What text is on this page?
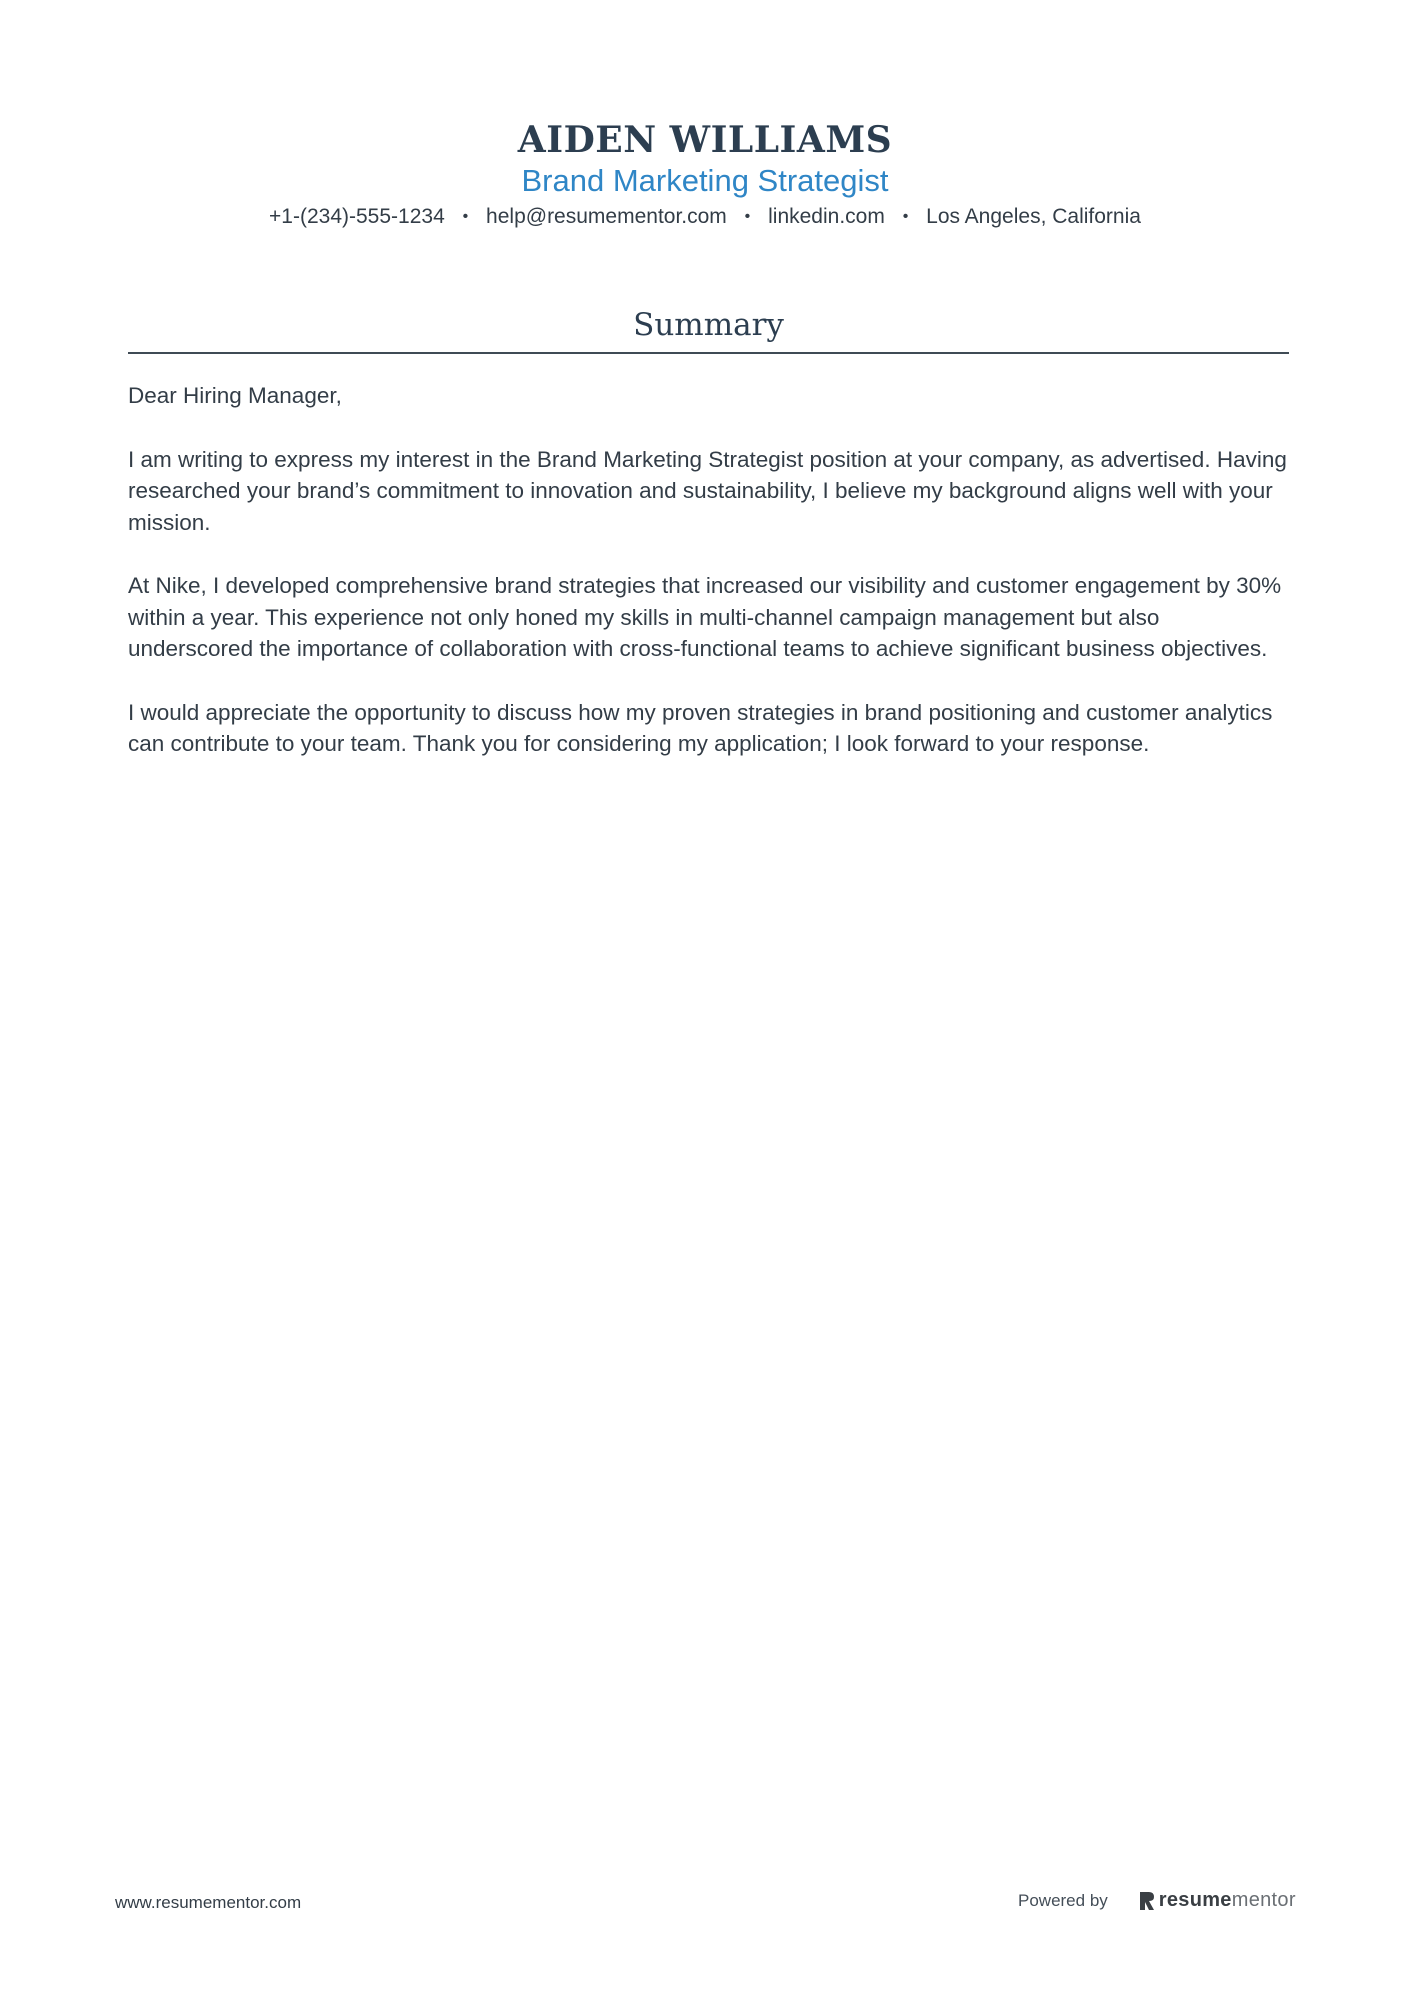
AIDEN WILLIAMS
Brand Marketing Strategist
+1-(234)-555-1234 • help@resumementor.com • linkedin.com • Los Angeles, California
Summary

Dear Hiring Manager,

I am writing to express my interest in the Brand Marketing Strategist position at your company, as advertised. Having researched your brand’s commitment to innovation and sustainability, I believe my background aligns well with your mission.

At Nike, I developed comprehensive brand strategies that increased our visibility and customer engagement by 30% within a year. This experience not only honed my skills in multi-channel campaign management but also underscored the importance of collaboration with cross-functional teams to achieve significant business objectives.

I would appreciate the opportunity to discuss how my proven strategies in brand positioning and customer analytics can contribute to your team. Thank you for considering my application; I look forward to your response.

www.resumementor.com	Powered by	resumementor
